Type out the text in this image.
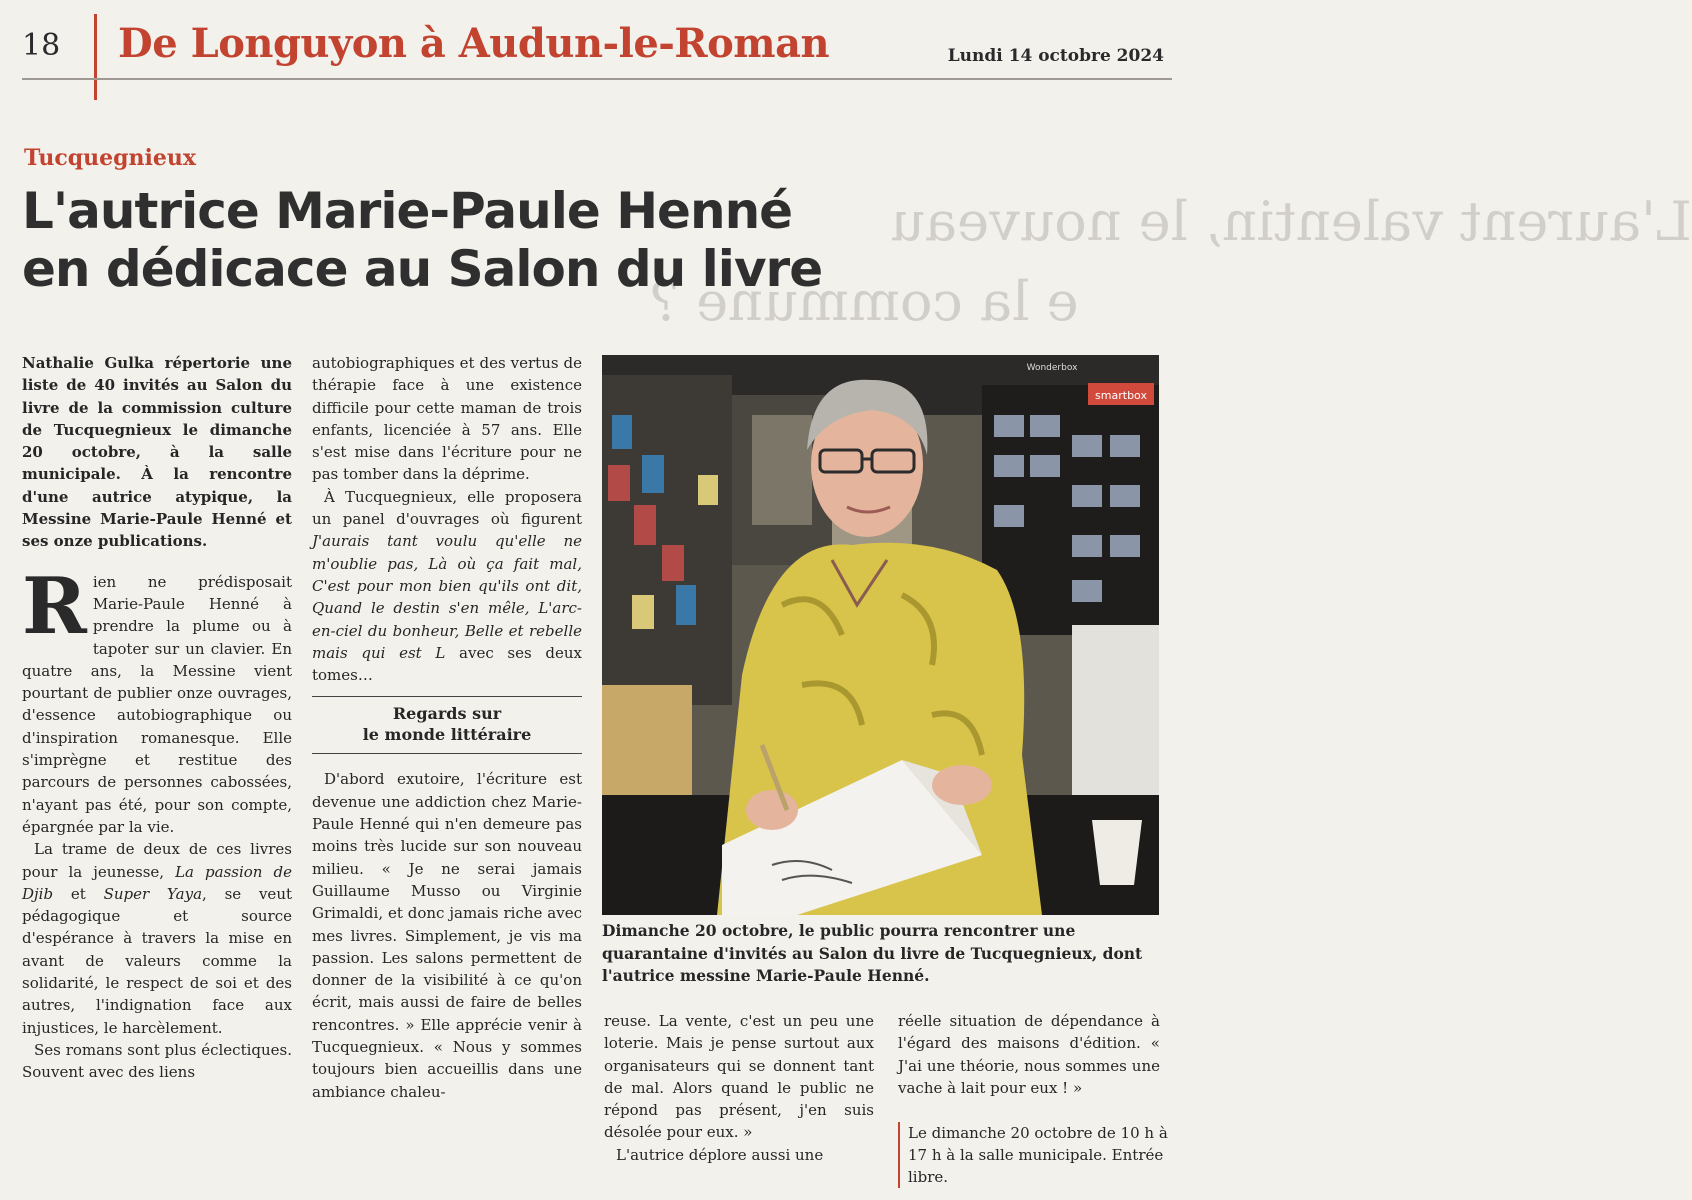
18 De Longuyon à Audun-le-Roman	Lundi 14 octobre 2024
L'aurent valentin, le nouveau
e la commune ?
Tucquegnieux
L'autrice Marie-Paule Henné
en dédicace au Salon du livre

Nathalie Gulka répertorie une liste de 40 invités au Salon du livre de la commission culture de Tucquegnieux le dimanche 20 octobre, à la salle municipale. À la rencontre d'une autrice atypique, la Messine Marie-Paule Henné et ses onze publications.

Rien ne prédisposait Marie-Paule Henné à prendre la plume ou à tapoter sur un clavier. En quatre ans, la Messine vient pourtant de publier onze ouvrages, d'essence autobiographique ou d'inspiration romanesque. Elle s'imprègne et restitue des parcours de personnes cabossées, n'ayant pas été, pour son compte, épargnée par la vie.

La trame de deux de ces livres pour la jeunesse, La passion de Djib et Super Yaya, se veut pédagogique et source d'espérance à travers la mise en avant de valeurs comme la solidarité, le respect de soi et des autres, l'indignation face aux injustices, le harcèlement.

Ses romans sont plus éclectiques. Souvent avec des liens

autobiographiques et des vertus de thérapie face à une existence difficile pour cette maman de trois enfants, licenciée à 57 ans. Elle s'est mise dans l'écriture pour ne pas tomber dans la déprime.

À Tucquegnieux, elle proposera un panel d'ouvrages où figurent J'aurais tant voulu qu'elle ne m'oublie pas, Là où ça fait mal, C'est pour mon bien qu'ils ont dit, Quand le destin s'en mêle, L'arc-en-ciel du bonheur, Belle et rebelle mais qui est L avec ses deux tomes…

Regards sur
le monde littéraire

D'abord exutoire, l'écriture est devenue une addiction chez Marie-Paule Henné qui n'en demeure pas moins très lucide sur son nouveau milieu. « Je ne serai jamais Guillaume Musso ou Virginie Grimaldi, et donc jamais riche avec mes livres. Simplement, je vis ma passion. Les salons permettent de donner de la visibilité à ce qu'on écrit, mais aussi de faire de belles rencontres. » Elle apprécie venir à Tucquegnieux. « Nous y sommes toujours bien accueillis dans une ambiance chaleu-

smartbox
Wonderbox
Dimanche 20 octobre, le public pourra rencontrer une quarantaine d'invités au Salon du livre de Tucquegnieux, dont l'autrice messine Marie-Paule Henné.

reuse. La vente, c'est un peu une loterie. Mais je pense surtout aux organisateurs qui se donnent tant de mal. Alors quand le public ne répond pas présent, j'en suis désolée pour eux. »

L'autrice déplore aussi une

réelle situation de dépendance à l'égard des maisons d'édition. « J'ai une théorie, nous sommes une vache à lait pour eux ! »

Le dimanche 20 octobre de 10 h à 17 h à la salle municipale. Entrée libre.
